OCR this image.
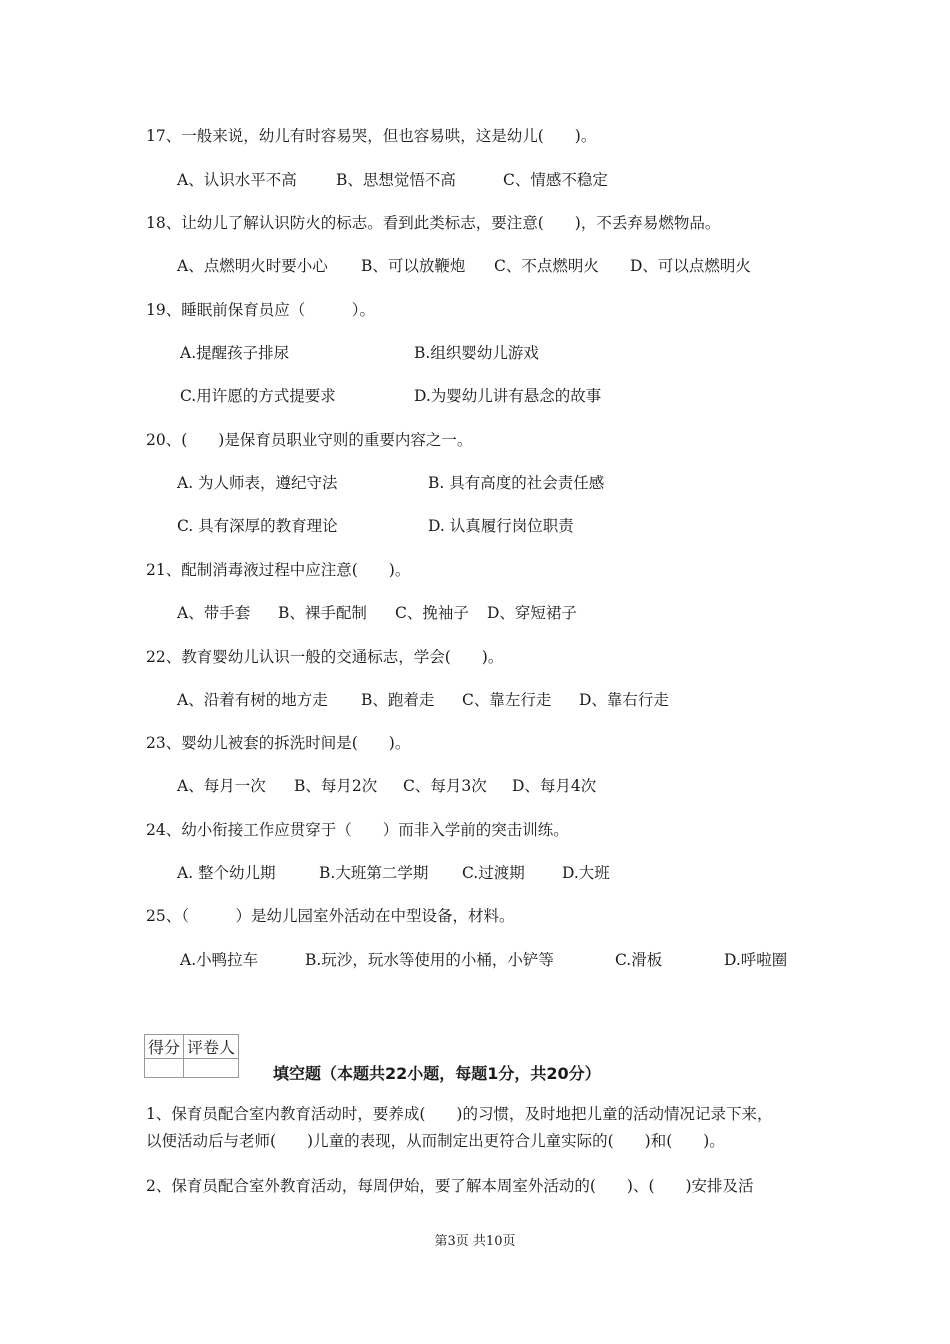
17、一般来说，幼儿有时容易哭，但也容易哄，这是幼儿(　　)。
A、认识水平不高	B、思想觉悟不高	C、情感不稳定
18、让幼儿了解认识防火的标志。看到此类标志，要注意(　　)，不丢弃易燃物品。
A、点燃明火时要小心 B、可以放鞭炮 C、不点燃明火 D、可以点燃明火
19、睡眠前保育员应（　　　）。
A.提醒孩子排尿	B.组织婴幼儿游戏
C.用许愿的方式提要求	D.为婴幼儿讲有悬念的故事
20、(　　)是保育员职业守则的重要内容之一。
A. 为人师表，遵纪守法	B. 具有高度的社会责任感
C. 具有深厚的教育理论	D. 认真履行岗位职责
21、配制消毒液过程中应注意(　　)。
A、带手套 B、裸手配制 C、挽袖子 D、穿短裙子
22、教育婴幼儿认识一般的交通标志，学会(　　)。
A、沿着有树的地方走 B、跑着走 C、靠左行走 D、靠右行走
23、婴幼儿被套的拆洗时间是(　　)。
A、每月一次 B、每月2次 C、每月3次 D、每月4次
24、幼小衔接工作应贯穿于（　　）而非入学前的突击训练。
A. 整个幼儿期	B.大班第二学期 C.过渡期 D.大班
25、（　　　）是幼儿园室外活动在中型设备，材料。
A.小鸭拉车	B.玩沙，玩水等使用的小桶，小铲等	C.滑板	D.呼啦圈
得分	评卷人

填空题（本题共22小题，每题1分，共20分）
1、保育员配合室内教育活动时，要养成(　　)的习惯，及时地把儿童的活动情况记录下来，
以便活动后与老师(　　)儿童的表现，从而制定出更符合儿童实际的(　　)和(　　)。
2、保育员配合室外教育活动，每周伊始，要了解本周室外活动的(　　)、(　　)安排及活
第3页 共10页
